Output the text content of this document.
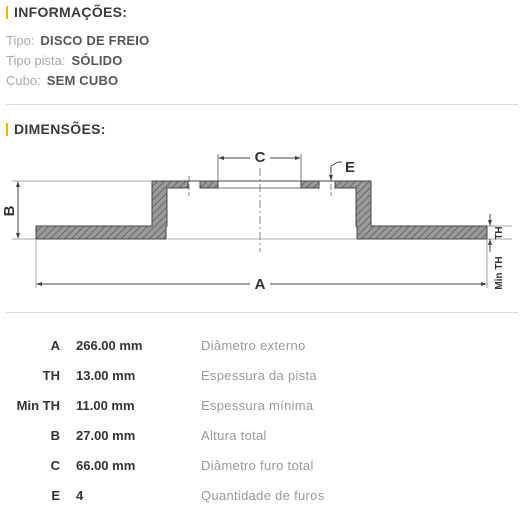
INFORMAÇÕES:
Tipo: DISCO DE FREIO
Tipo pista: SÓLIDO
Cubo: SEM CUBO
DIMENSÕES:
C
E
B
A
TH
Min TH
A	266.00 mm	Diâmetro externo
TH	13.00 mm	Espessura da pista
Min TH	11.00 mm	Espessura mínima
B	27.00 mm	Altura total
C	66.00 mm	Diâmetro furo total
E	4	Quantidade de furos
